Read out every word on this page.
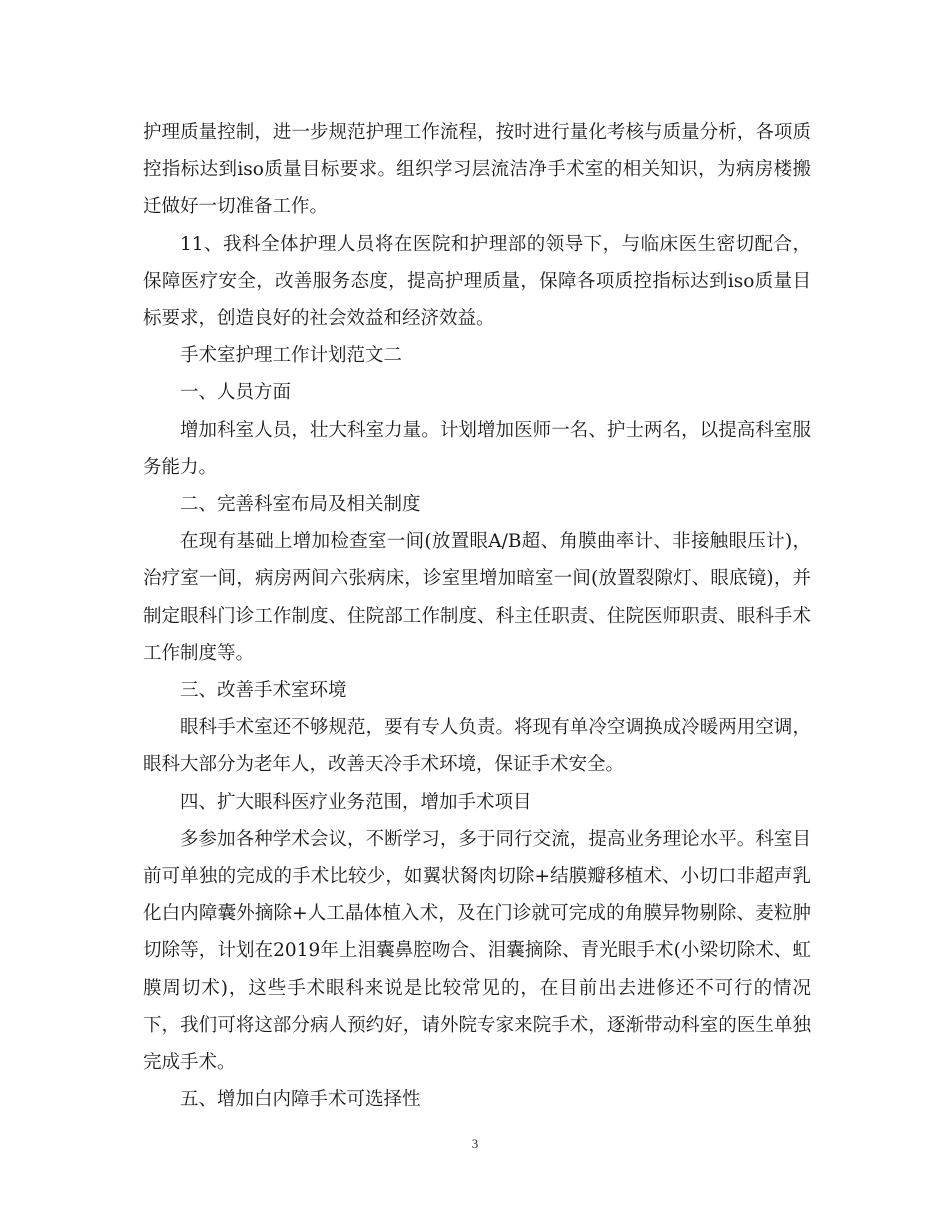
护理质量控制，进一步规范护理工作流程，按时进行量化考核与质量分析，各项质控指标达到iso质量目标要求。组织学习层流洁净手术室的相关知识，为病房楼搬迁做好一切准备工作。

11、我科全体护理人员将在医院和护理部的领导下，与临床医生密切配合，保障医疗安全，改善服务态度，提高护理质量，保障各项质控指标达到iso质量目标要求，创造良好的社会效益和经济效益。

手术室护理工作计划范文二

一、人员方面

增加科室人员，壮大科室力量。计划增加医师一名、护士两名，以提高科室服务能力。

二、完善科室布局及相关制度

在现有基础上增加检查室一间(放置眼A/B超、角膜曲率计、非接触眼压计)，治疗室一间，病房两间六张病床，诊室里增加暗室一间(放置裂隙灯、眼底镜)，并制定眼科门诊工作制度、住院部工作制度、科主任职责、住院医师职责、眼科手术工作制度等。

三、改善手术室环境

眼科手术室还不够规范，要有专人负责。将现有单冷空调换成冷暖两用空调，眼科大部分为老年人，改善天冷手术环境，保证手术安全。

四、扩大眼科医疗业务范围，增加手术项目

多参加各种学术会议，不断学习，多于同行交流，提高业务理论水平。科室目前可单独的完成的手术比较少，如翼状胬肉切除+结膜瓣移植术、小切口非超声乳化白内障囊外摘除+人工晶体植入术，及在门诊就可完成的角膜异物剔除、麦粒肿切除等，计划在2019年上泪囊鼻腔吻合、泪囊摘除、青光眼手术(小梁切除术、虹膜周切术)，这些手术眼科来说是比较常见的，在目前出去进修还不可行的情况下，我们可将这部分病人预约好，请外院专家来院手术，逐渐带动科室的医生单独完成手术。

五、增加白内障手术可选择性

3
